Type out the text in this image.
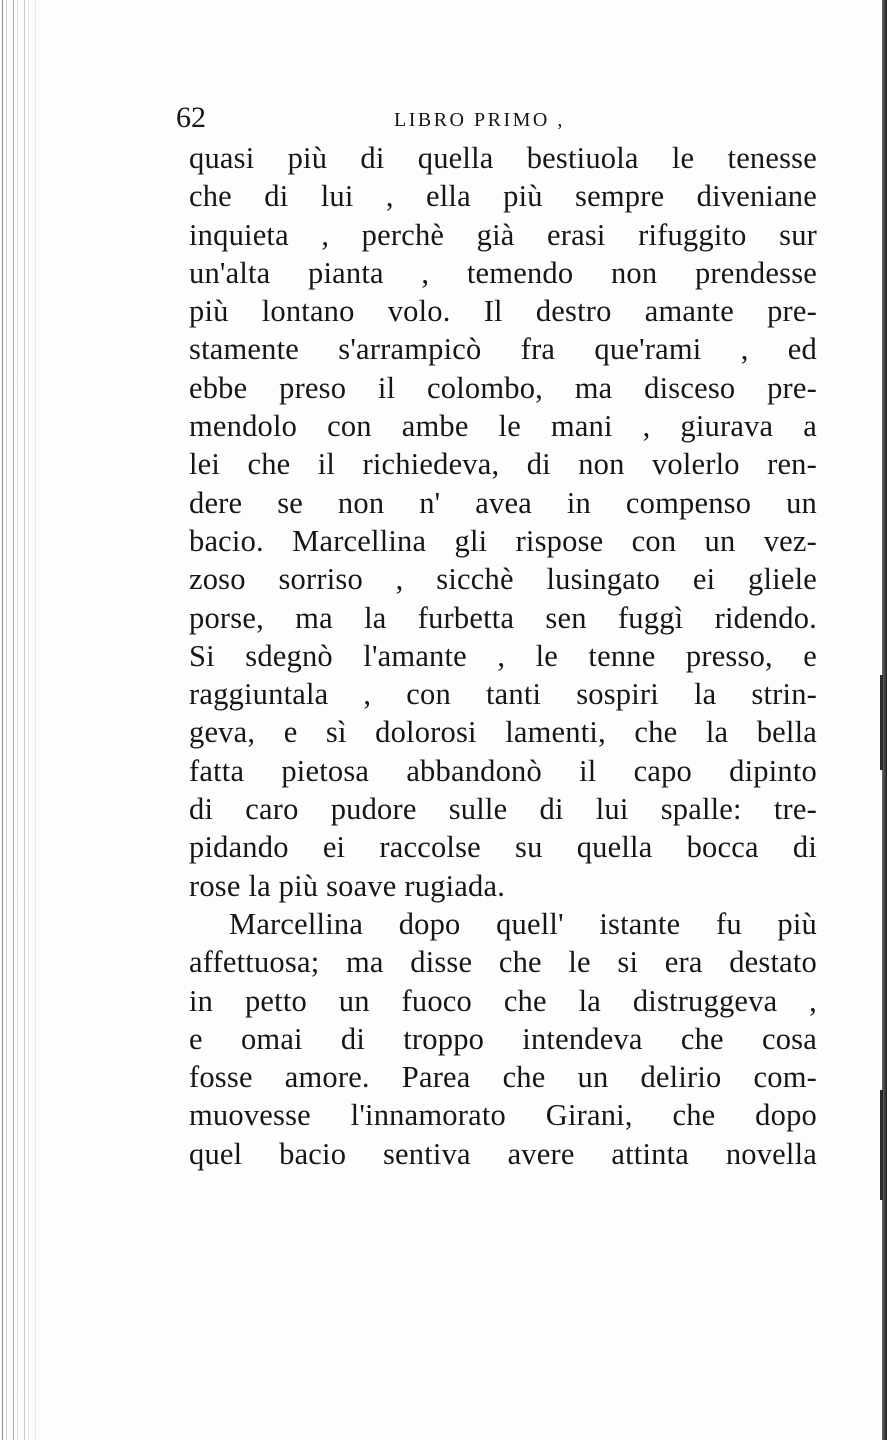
62	LIBRO PRIMO ,
quasi più di quella bestiuola le tenesse
che di lui , ella più sempre diveniane
inquieta , perchè già erasi rifuggito sur
un'alta pianta , temendo non prendesse
più lontano volo. Il destro amante pre-
stamente s'arrampicò fra que'rami , ed
ebbe preso il colombo, ma disceso pre-
mendolo con ambe le mani , giurava a
lei che il richiedeva, di non volerlo ren-
dere se non n' avea in compenso un
bacio. Marcellina gli rispose con un vez-
zoso sorriso , sicchè lusingato ei gliele
porse, ma la furbetta sen fuggì ridendo.
Si sdegnò l'amante , le tenne presso, e
raggiuntala , con tanti sospiri la strin-
geva, e sì dolorosi lamenti, che la bella
fatta pietosa abbandonò il capo dipinto
di caro pudore sulle di lui spalle: tre-
pidando ei raccolse su quella bocca di
rose la più soave rugiada.
Marcellina dopo quell' istante fu più
affettuosa; ma disse che le si era destato
in petto un fuoco che la distruggeva ,
e omai di troppo intendeva che cosa
fosse amore. Parea che un delirio com-
muovesse l'innamorato Girani, che dopo
quel bacio sentiva avere attinta novella
